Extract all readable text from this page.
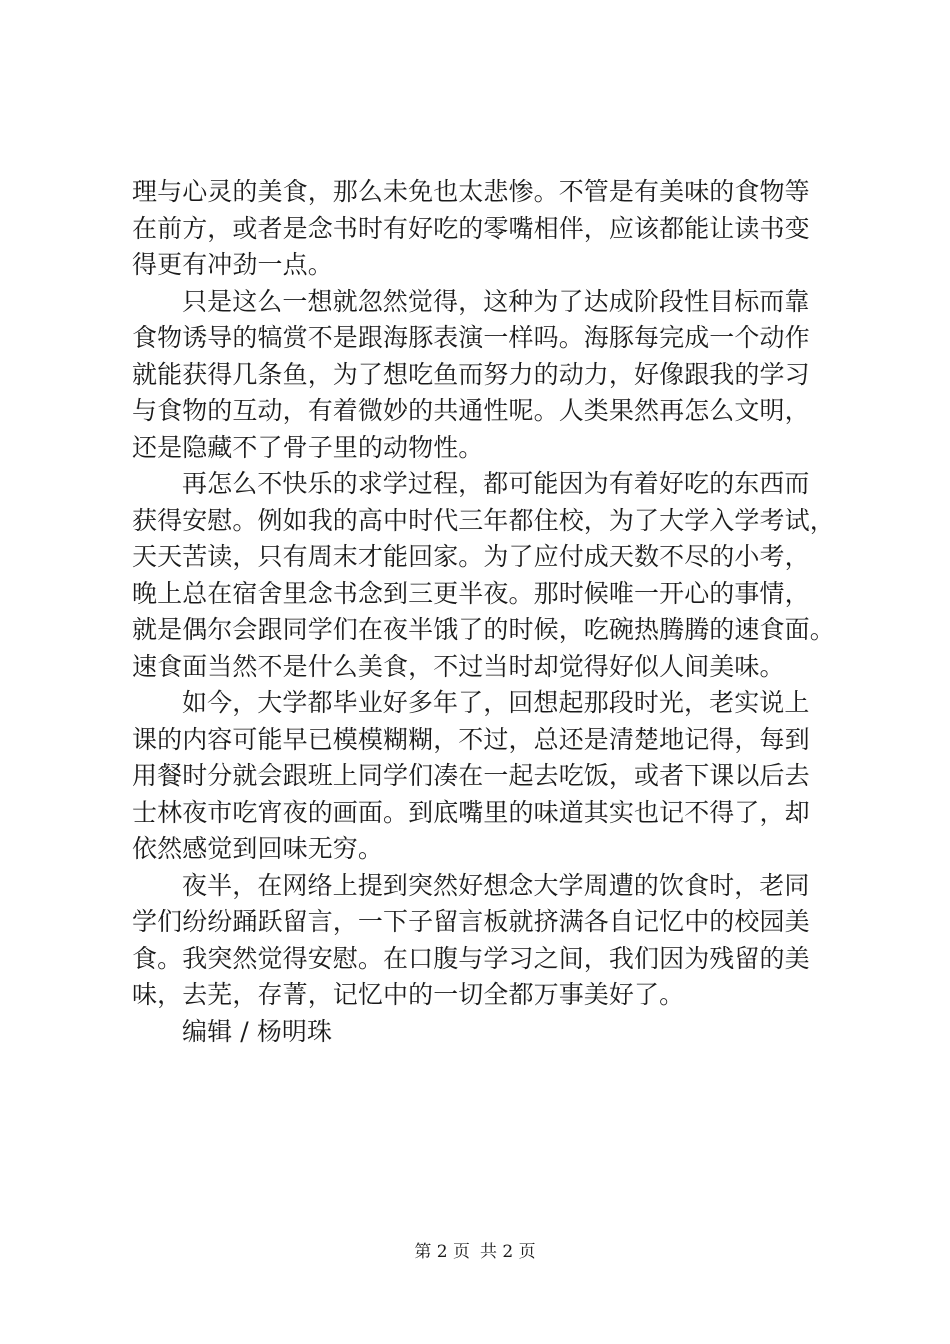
理与心灵的美食，那么未免也太悲惨。不管是有美味的食物等
在前方，或者是念书时有好吃的零嘴相伴，应该都能让读书变
得更有冲劲一点。
只是这么一想就忽然觉得，这种为了达成阶段性目标而靠
食物诱导的犒赏不是跟海豚表演一样吗。海豚每完成一个动作
就能获得几条鱼，为了想吃鱼而努力的动力，好像跟我的学习
与食物的互动，有着微妙的共通性呢。人类果然再怎么文明，
还是隐藏不了骨子里的动物性。
再怎么不快乐的求学过程，都可能因为有着好吃的东西而
获得安慰。例如我的高中时代三年都住校，为了大学入学考试，
天天苦读，只有周末才能回家。为了应付成天数不尽的小考，
晚上总在宿舍里念书念到三更半夜。那时候唯一开心的事情，
就是偶尔会跟同学们在夜半饿了的时候，吃碗热腾腾的速食面。
速食面当然不是什么美食，不过当时却觉得好似人间美味。
如今，大学都毕业好多年了，回想起那段时光，老实说上
课的内容可能早已模模糊糊，不过，总还是清楚地记得，每到
用餐时分就会跟班上同学们凑在一起去吃饭，或者下课以后去
士林夜市吃宵夜的画面。到底嘴里的味道其实也记不得了，却
依然感觉到回味无穷。
夜半，在网络上提到突然好想念大学周遭的饮食时，老同
学们纷纷踊跃留言，一下子留言板就挤满各自记忆中的校园美
食。我突然觉得安慰。在口腹与学习之间，我们因为残留的美
味，去芜，存菁，记忆中的一切全都万事美好了。
编辑 / 杨明珠
第 2 页 共 2 页
